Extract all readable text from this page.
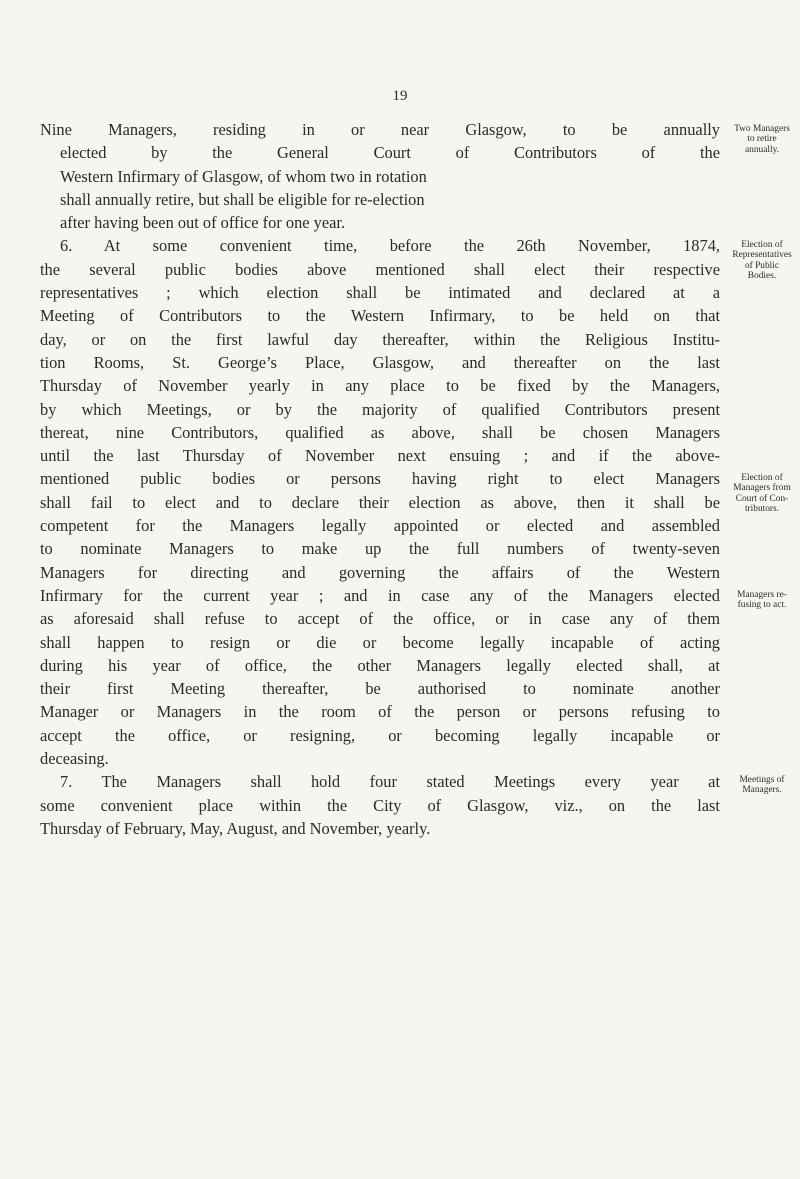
19
Nine Managers, residing in or near Glasgow, to be annually
elected by the General Court of Contributors of the
Western Infirmary of Glasgow, of whom two in rotation
shall annually retire, but shall be eligible for re-election
after having been out of office for one year.
6. At some convenient time, before the 26th November, 1874,
the several public bodies above mentioned shall elect their respective
representatives ; which election shall be intimated and declared at a
Meeting of Contributors to the Western Infirmary, to be held on that
day, or on the first lawful day thereafter, within the Religious Institu-
tion Rooms, St. George’s Place, Glasgow, and thereafter on the last
Thursday of November yearly in any place to be fixed by the Managers,
by which Meetings, or by the majority of qualified Contributors present
thereat, nine Contributors, qualified as above, shall be chosen Managers
until the last Thursday of November next ensuing ; and if the above-
mentioned public bodies or persons having right to elect Managers
shall fail to elect and to declare their election as above, then it shall be
competent for the Managers legally appointed or elected and assembled
to nominate Managers to make up the full numbers of twenty-seven
Managers for directing and governing the affairs of the Western
Infirmary for the current year ; and in case any of the Managers elected
as aforesaid shall refuse to accept of the office, or in case any of them
shall happen to resign or die or become legally incapable of acting
during his year of office, the other Managers legally elected shall, at
their first Meeting thereafter, be authorised to nominate another
Manager or Managers in the room of the person or persons refusing to
accept the office, or resigning, or becoming legally incapable or
deceasing.
7. The Managers shall hold four stated Meetings every year at
some convenient place within the City of Glasgow, viz., on the last
Thursday of February, May, August, and November, yearly.
Two Managers
to retire
annually.
Election of
Representatives
of Public
Bodies.
Election of
Managers from
Court of Con-
tributors.
Managers re-
fusing to act.
Meetings of
Managers.
